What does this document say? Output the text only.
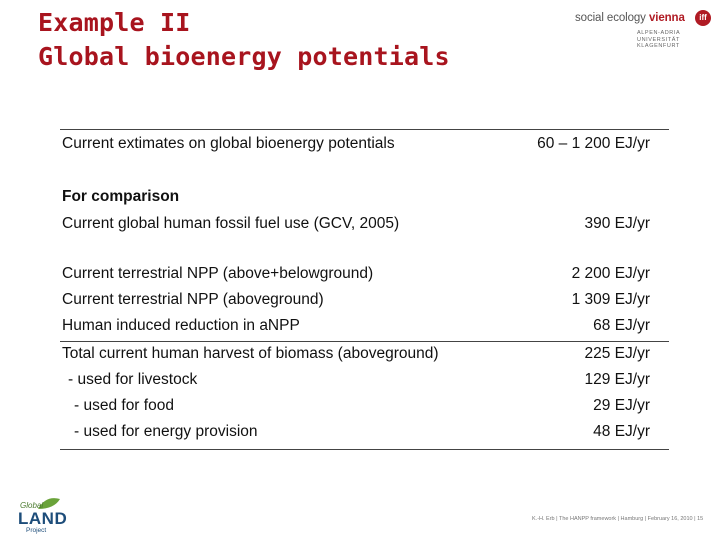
Example II
Global bioenergy potentials
social ecology vienna	iff
ALPEN-ADRIA
UNIVERSITÄT
KLAGENFURT
Current extimates on global bioenergy potentials	60 – 1 200 EJ/yr
For comparison
Current global human fossil fuel use (GCV, 2005)	390 EJ/yr
Current terrestrial NPP (above+belowground)	2 200 EJ/yr
Current terrestrial NPP (aboveground)	1 309 EJ/yr
Human induced reduction in aNPP	68 EJ/yr
Total current human harvest of biomass (aboveground)	225 EJ/yr
- used for livestock	129 EJ/yr
- used for food	29 EJ/yr
- used for energy provision	48 EJ/yr
Global
LAND
Project
K.-H. Erb | The HANPP framework | Hamburg | February 16, 2010 | 15
